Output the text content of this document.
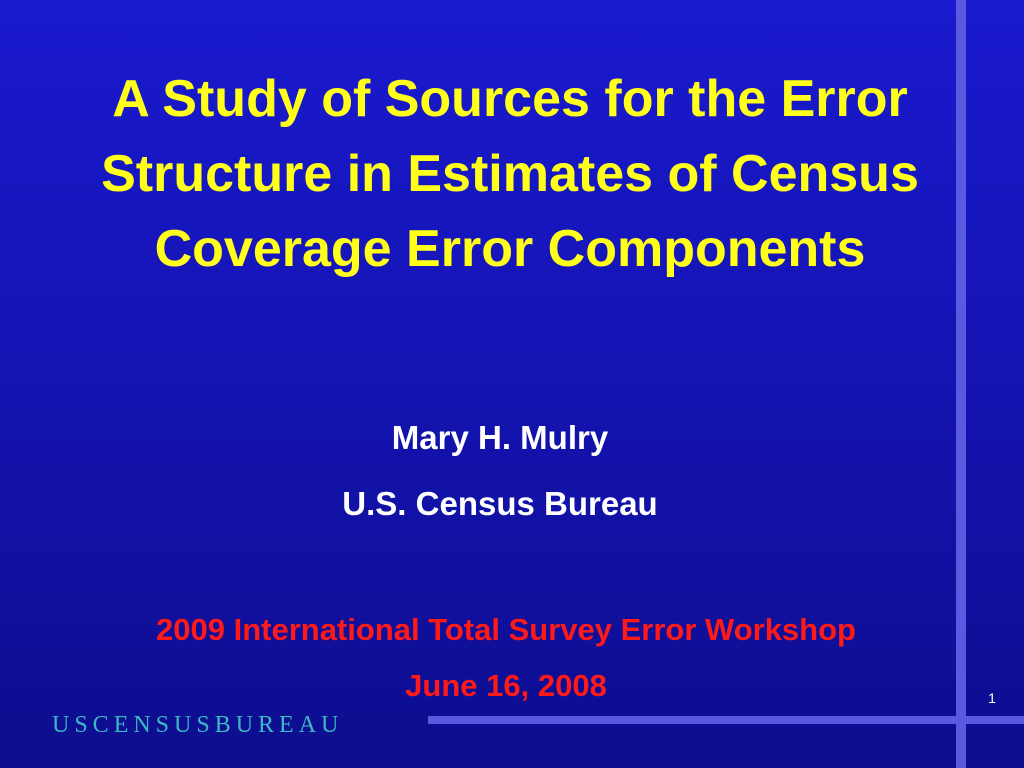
A Study of Sources for the Error Structure in Estimates of Census Coverage Error Components
Mary H. Mulry
U.S. Census Bureau
2009 International Total Survey Error Workshop
June 16, 2008
USCENSUSBUREAU
1
